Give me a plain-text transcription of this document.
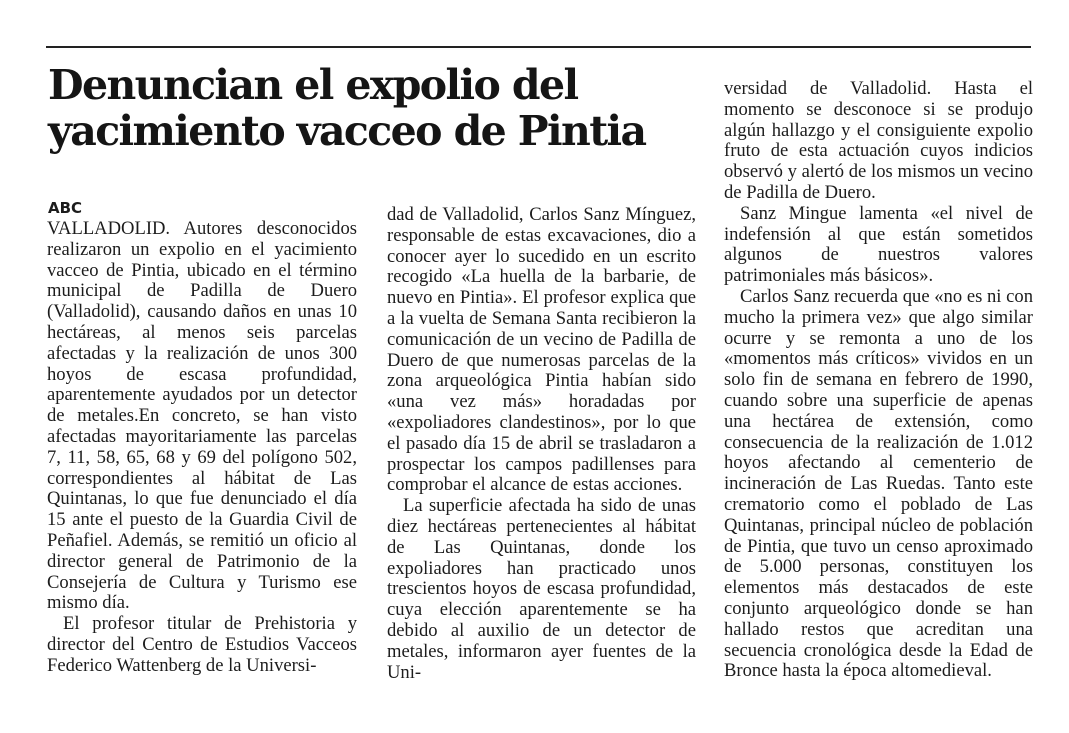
Denuncian el expolio del
yacimiento vacceo de Pintia
ABC

VALLADOLID. Autores desconocidos realizaron un expolio en el yacimiento vacceo de Pintia, ubicado en el término municipal de Padilla de Duero (Valladolid), causando daños en unas 10 hectáreas, al menos seis parcelas afectadas y la realización de unos 300 hoyos de escasa profundidad, aparentemente ayudados por un detector de metales.En concreto, se han visto afectadas mayoritariamente las parcelas 7, 11, 58, 65, 68 y 69 del polígono 502, correspondientes al hábitat de Las Quintanas, lo que fue denunciado el día 15 ante el puesto de la Guardia Civil de Peñafiel. Además, se remitió un oficio al director general de Patrimonio de la Consejería de Cultura y Turismo ese mismo día.

El profesor titular de Prehistoria y director del Centro de Estudios Vacceos Federico Wattenberg de la Universi-

dad de Valladolid, Carlos Sanz Mínguez, responsable de estas excavaciones, dio a conocer ayer lo sucedido en un escrito recogido «La huella de la barbarie, de nuevo en Pintia». El profesor explica que a la vuelta de Semana Santa recibieron la comunicación de un vecino de Padilla de Duero de que numerosas parcelas de la zona arqueológica Pintia habían sido «una vez más» horadadas por «expoliadores clandestinos», por lo que el pasado día 15 de abril se trasladaron a prospectar los campos padillenses para comprobar el alcance de estas acciones.

La superficie afectada ha sido de unas diez hectáreas pertenecientes al hábitat de Las Quintanas, donde los expoliadores han practicado unos trescientos hoyos de escasa profundidad, cuya elección aparentemente se ha debido al auxilio de un detector de metales, informaron ayer fuentes de la Uni-

versidad de Valladolid. Hasta el momento se desconoce si se produjo algún hallazgo y el consiguiente expolio fruto de esta actuación cuyos indicios observó y alertó de los mismos un vecino de Padilla de Duero.

Sanz Mingue lamenta «el nivel de indefensión al que están sometidos algunos de nuestros valores patrimoniales más básicos».

Carlos Sanz recuerda que «no es ni con mucho la primera vez» que algo similar ocurre y se remonta a uno de los «momentos más críticos» vividos en un solo fin de semana en febrero de 1990, cuando sobre una superficie de apenas una hectárea de extensión, como consecuencia de la realización de 1.012 hoyos afectando al cementerio de incineración de Las Ruedas. Tanto este crematorio como el poblado de Las Quintanas, principal núcleo de población de Pintia, que tuvo un censo aproximado de 5.000 personas, constituyen los elementos más destacados de este conjunto arqueológico donde se han hallado restos que acreditan una secuencia cronológica desde la Edad de Bronce hasta la época altomedieval.
